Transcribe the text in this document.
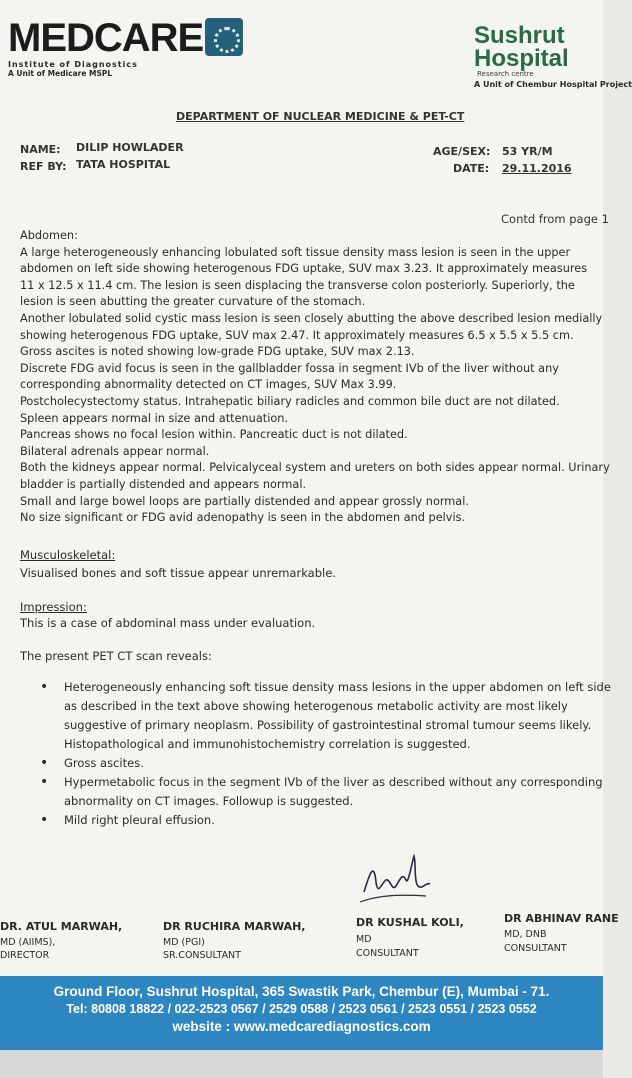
MEDCARE
Institute of Diagnostics
A Unit of Medicare MSPL
Sushrut
Hospital
Research centre
A Unit of Chembur Hospital Project
DEPARTMENT OF NUCLEAR MEDICINE & PET-CT
NAME: DILIP HOWLADER
REF BY: TATA HOSPITAL
AGE/SEX: 53 YR/M
DATE: 29.11.2016
Contd from page 1

Abdomen:

A large heterogeneously enhancing lobulated soft tissue density mass lesion is seen in the upper

abdomen on left side showing heterogenous FDG uptake, SUV max 3.23. It approximately measures

11 x 12.5 x 11.4 cm. The lesion is seen displacing the transverse colon posteriorly. Superiorly, the

lesion is seen abutting the greater curvature of the stomach.

Another lobulated solid cystic mass lesion is seen closely abutting the above described lesion medially

showing heterogenous FDG uptake, SUV max 2.47. It approximately measures 6.5 x 5.5 x 5.5 cm.

Gross ascites is noted showing low-grade FDG uptake, SUV max 2.13.

Discrete FDG avid focus is seen in the gallbladder fossa in segment IVb of the liver without any

corresponding abnormality detected on CT images, SUV Max 3.99.

Postcholecystectomy status. Intrahepatic biliary radicles and common bile duct are not dilated.

Spleen appears normal in size and attenuation.

Pancreas shows no focal lesion within. Pancreatic duct is not dilated.

Bilateral adrenals appear normal.

Both the kidneys appear normal. Pelvicalyceal system and ureters on both sides appear normal. Urinary

bladder is partially distended and appears normal.

Small and large bowel loops are partially distended and appear grossly normal.

No size significant or FDG avid adenopathy is seen in the abdomen and pelvis.

Musculoskeletal:
Visualised bones and soft tissue appear unremarkable.
Impression:
This is a case of abdominal mass under evaluation.
The present PET CT scan reveals:
• Heterogeneously enhancing soft tissue density mass lesions in the upper abdomen on left side
as described in the text above showing heterogenous metabolic activity are most likely
suggestive of primary neoplasm. Possibility of gastrointestinal stromal tumour seems likely.
Histopathological and immunohistochemistry correlation is suggested.
• Gross ascites.
• Hypermetabolic focus in the segment IVb of the liver as described without any corresponding
abnormality on CT images. Followup is suggested.
• Mild right pleural effusion.
DR. ATUL MARWAH,
MD (AIIMS),
DIRECTOR
DR RUCHIRA MARWAH,
MD (PGI)
SR.CONSULTANT
DR KUSHAL KOLI,
MD
CONSULTANT
DR ABHINAV RANE
MD, DNB
CONSULTANT
Ground Floor, Sushrut Hospital, 365 Swastik Park, Chembur (E), Mumbai - 71.
Tel: 80808 18822 / 022-2523 0567 / 2529 0588 / 2523 0561 / 2523 0551 / 2523 0552
website : www.medcarediagnostics.com
